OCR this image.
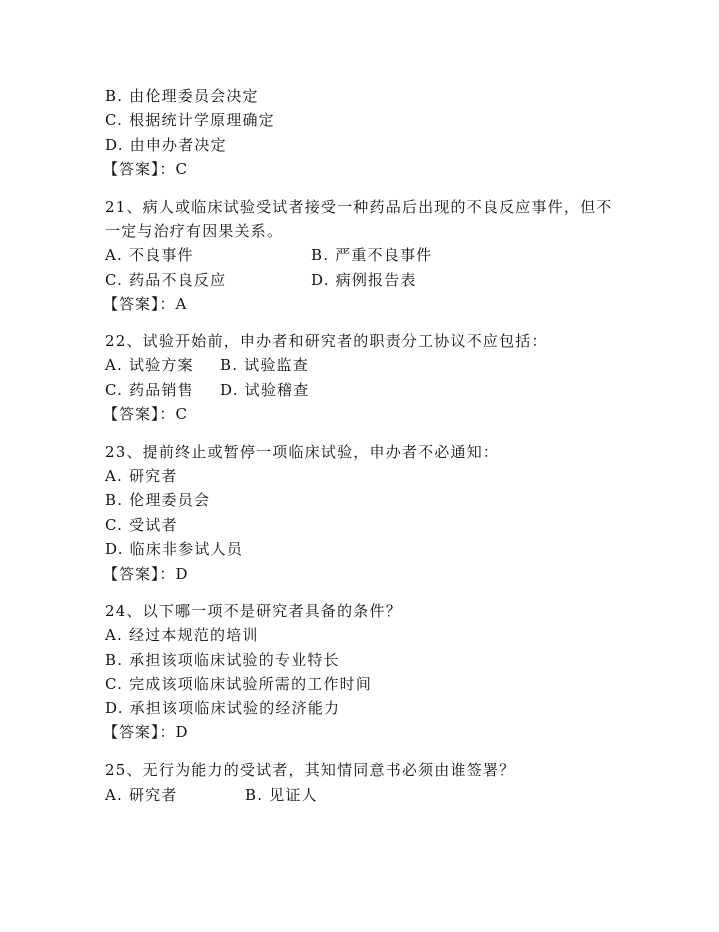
B. 由伦理委员会决定
C. 根据统计学原理确定
D. 由申办者决定
【答案】：C
21、病人或临床试验受试者接受一种药品后出现的不良反应事件，但不
一定与治疗有因果关系。
A. 不良事件	B. 严重不良事件
C. 药品不良反应	D. 病例报告表
【答案】：A
22、试验开始前，申办者和研究者的职责分工协议不应包括：
A. 试验方案 B. 试验监查
C. 药品销售 D. 试验稽查
【答案】：C
23、提前终止或暂停一项临床试验，申办者不必通知：
A. 研究者
B. 伦理委员会
C. 受试者
D. 临床非参试人员
【答案】：D
24、以下哪一项不是研究者具备的条件？
A. 经过本规范的培训
B. 承担该项临床试验的专业特长
C. 完成该项临床试验所需的工作时间
D. 承担该项临床试验的经济能力
【答案】：D
25、无行为能力的受试者，其知情同意书必须由谁签署？
A. 研究者	B. 见证人
